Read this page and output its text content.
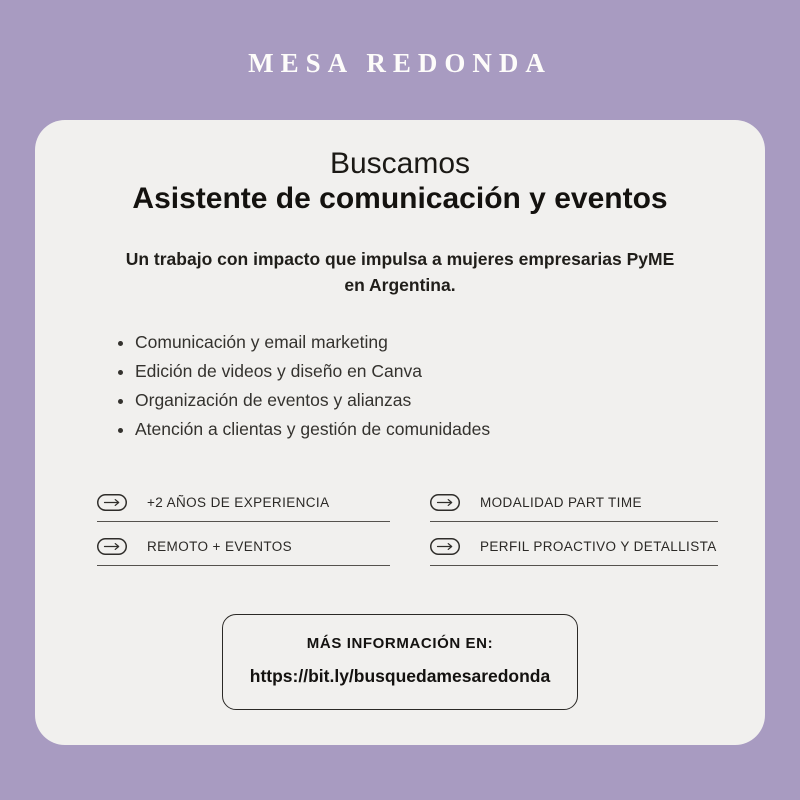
MESA REDONDA
Buscamos
Asistente de comunicación y eventos
Un trabajo con impacto que impulsa a mujeres empresarias PyME
en Argentina.
• Comunicación y email marketing
• Edición de videos y diseño en Canva
• Organización de eventos y alianzas
• Atención a clientas y gestión de comunidades
+2 AÑOS DE EXPERIENCIA	MODALIDAD PART TIME
REMOTO + EVENTOS	PERFIL PROACTIVO Y DETALLISTA
MÁS INFORMACIÓN EN:
https://bit.ly/busquedamesaredonda
